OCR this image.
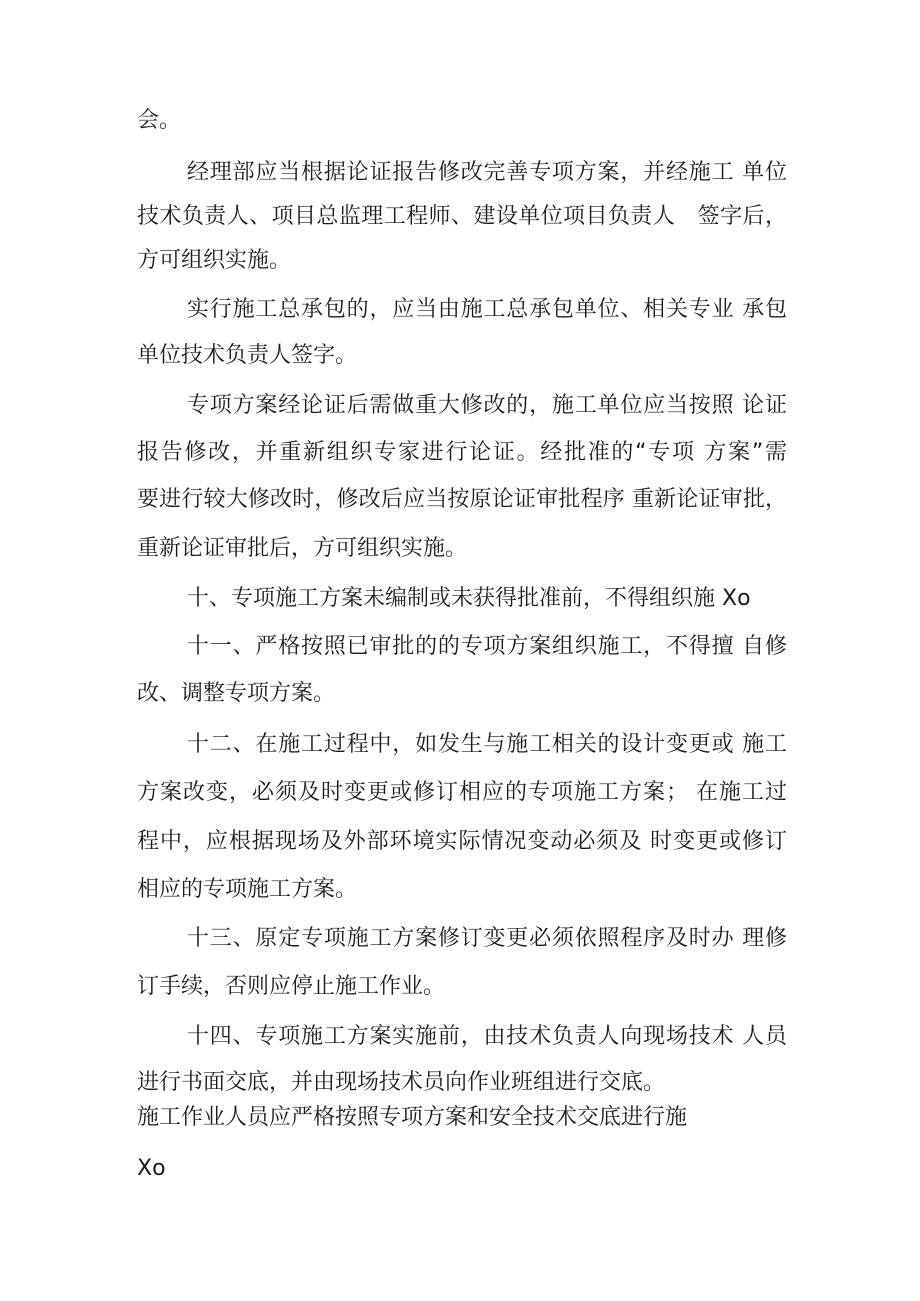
会。
经理部应当根据论证报告修改完善专项方案，并经施工 单位
技术负责人、项目总监理工程师、建设单位项目负责人　签字后，
方可组织实施。
实行施工总承包的，应当由施工总承包单位、相关专业 承包
单位技术负责人签字。
专项方案经论证后需做重大修改的，施工单位应当按照 论证
报告修改，并重新组织专家进行论证。经批准的“专项 方案”需
要进行较大修改时，修改后应当按原论证审批程序 重新论证审批，
重新论证审批后，方可组织实施。
十、专项施工方案未编制或未获得批准前，不得组织施 Xo
十一、严格按照已审批的的专项方案组织施工，不得擅 自修
改、调整专项方案。
十二、在施工过程中，如发生与施工相关的设计变更或 施工
方案改变，必须及时变更或修订相应的专项施工方案； 在施工过
程中，应根据现场及外部环境实际情况变动必须及 时变更或修订
相应的专项施工方案。
十三、原定专项施工方案修订变更必须依照程序及时办 理修
订手续，否则应停止施工作业。
十四、专项施工方案实施前，由技术负责人向现场技术 人员
进行书面交底，并由现场技术员向作业班组进行交底。
施工作业人员应严格按照专项方案和安全技术交底进行施
Xo
